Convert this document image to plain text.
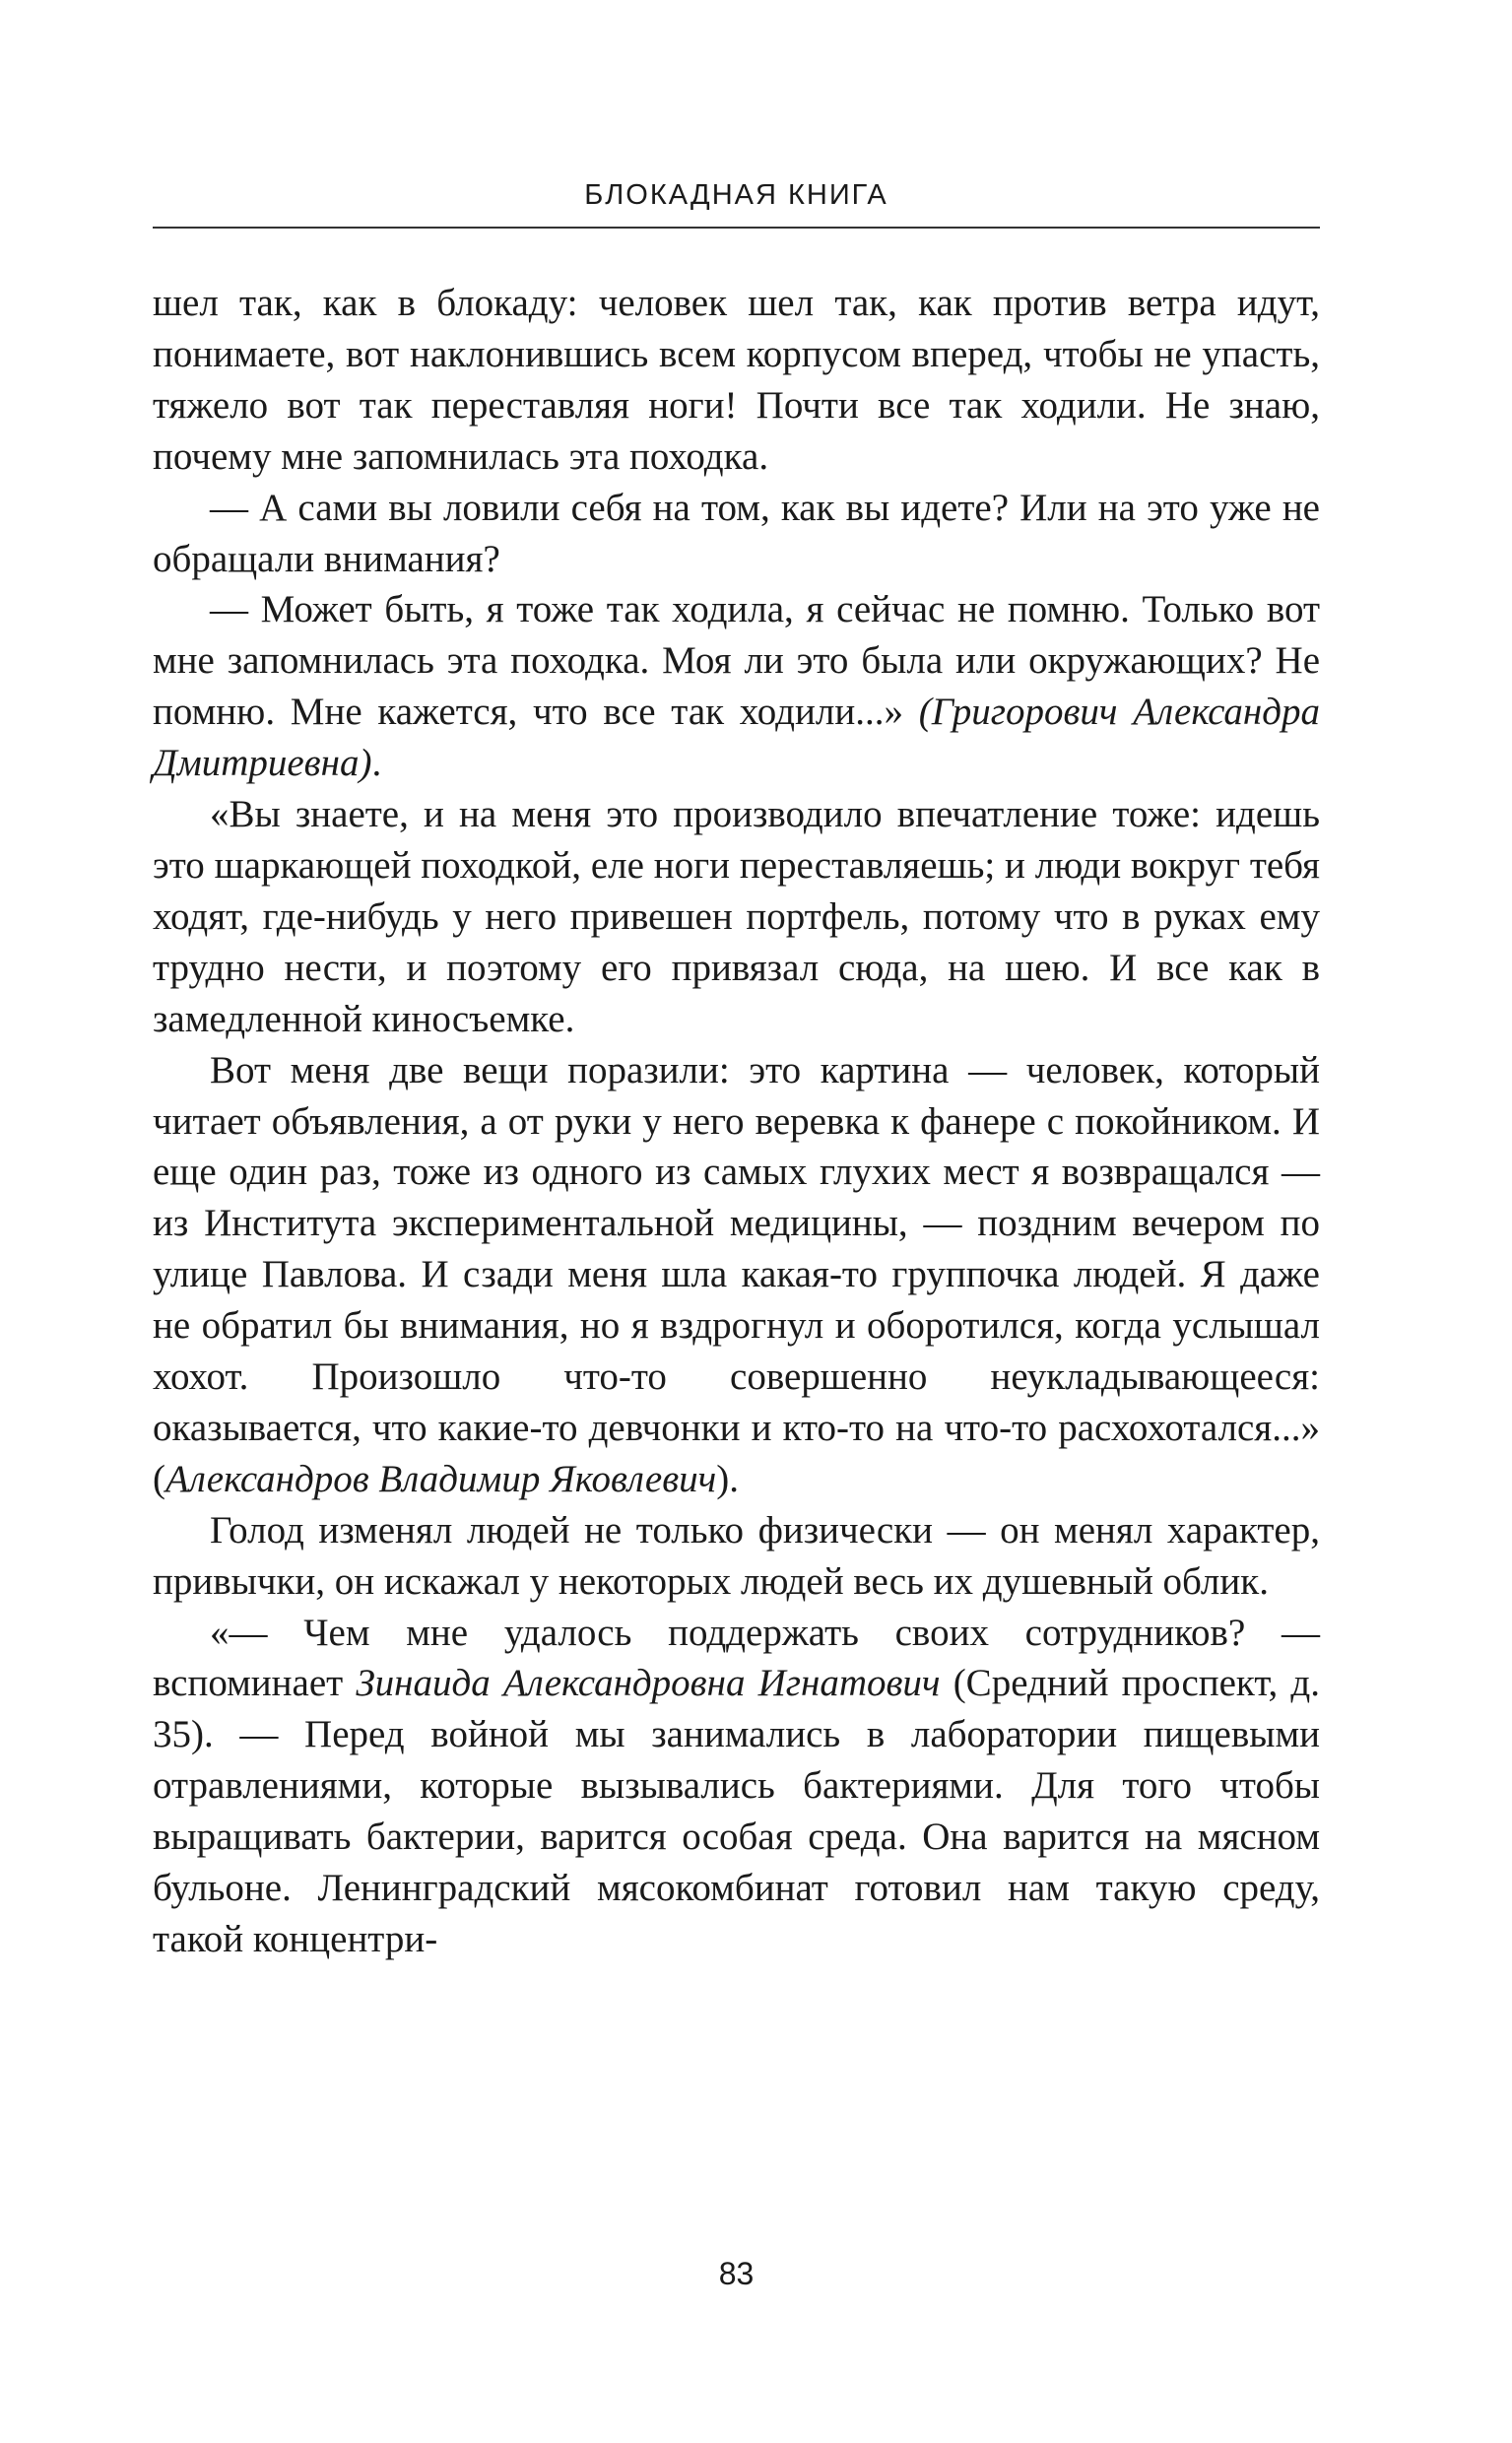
БЛОКАДНАЯ КНИГА

шел так, как в блокаду: человек шел так, как против ветра идут, понимаете, вот наклонившись всем корпусом вперед, чтобы не упасть, тяжело вот так переставляя ноги! Почти все так ходили. Не знаю, почему мне запомнилась эта походка.

— А сами вы ловили себя на том, как вы идете? Или на это уже не обращали внимания?

— Может быть, я тоже так ходила, я сейчас не помню. Только вот мне запомнилась эта походка. Моя ли это была или окружающих? Не помню. Мне кажется, что все так ходили...» (Григорович Александра Дмитриевна).

«Вы знаете, и на меня это производило впечатление тоже: идешь это шаркающей походкой, еле ноги переставляешь; и люди вокруг тебя ходят, где-нибудь у него привешен портфель, потому что в руках ему трудно нести, и поэтому его привязал сюда, на шею. И все как в замедленной киносъемке.

Вот меня две вещи поразили: это картина — человек, который читает объявления, а от руки у него веревка к фанере с покойником. И еще один раз, тоже из одного из самых глухих мест я возвращался — из Института экспериментальной медицины, — поздним вечером по улице Павлова. И сзади меня шла какая-то группочка людей. Я даже не обратил бы внимания, но я вздрогнул и оборотился, когда услышал хохот. Произошло что-то совершенно неукладывающееся: оказывается, что какие-то девчонки и кто-то на что-то расхохотался...» (Александров Владимир Яковлевич).

Голод изменял людей не только физически — он менял характер, привычки, он искажал у некоторых людей весь их душевный облик.

«— Чем мне удалось поддержать своих сотрудников? — вспоминает Зинаида Александровна Игнатович (Средний проспект, д. 35). — Перед войной мы занимались в лаборатории пищевыми отравлениями, которые вызывались бактериями. Для того чтобы выращивать бактерии, варится особая среда. Она варится на мясном бульоне. Ленинградский мясокомбинат готовил нам такую среду, такой концентри-

83
